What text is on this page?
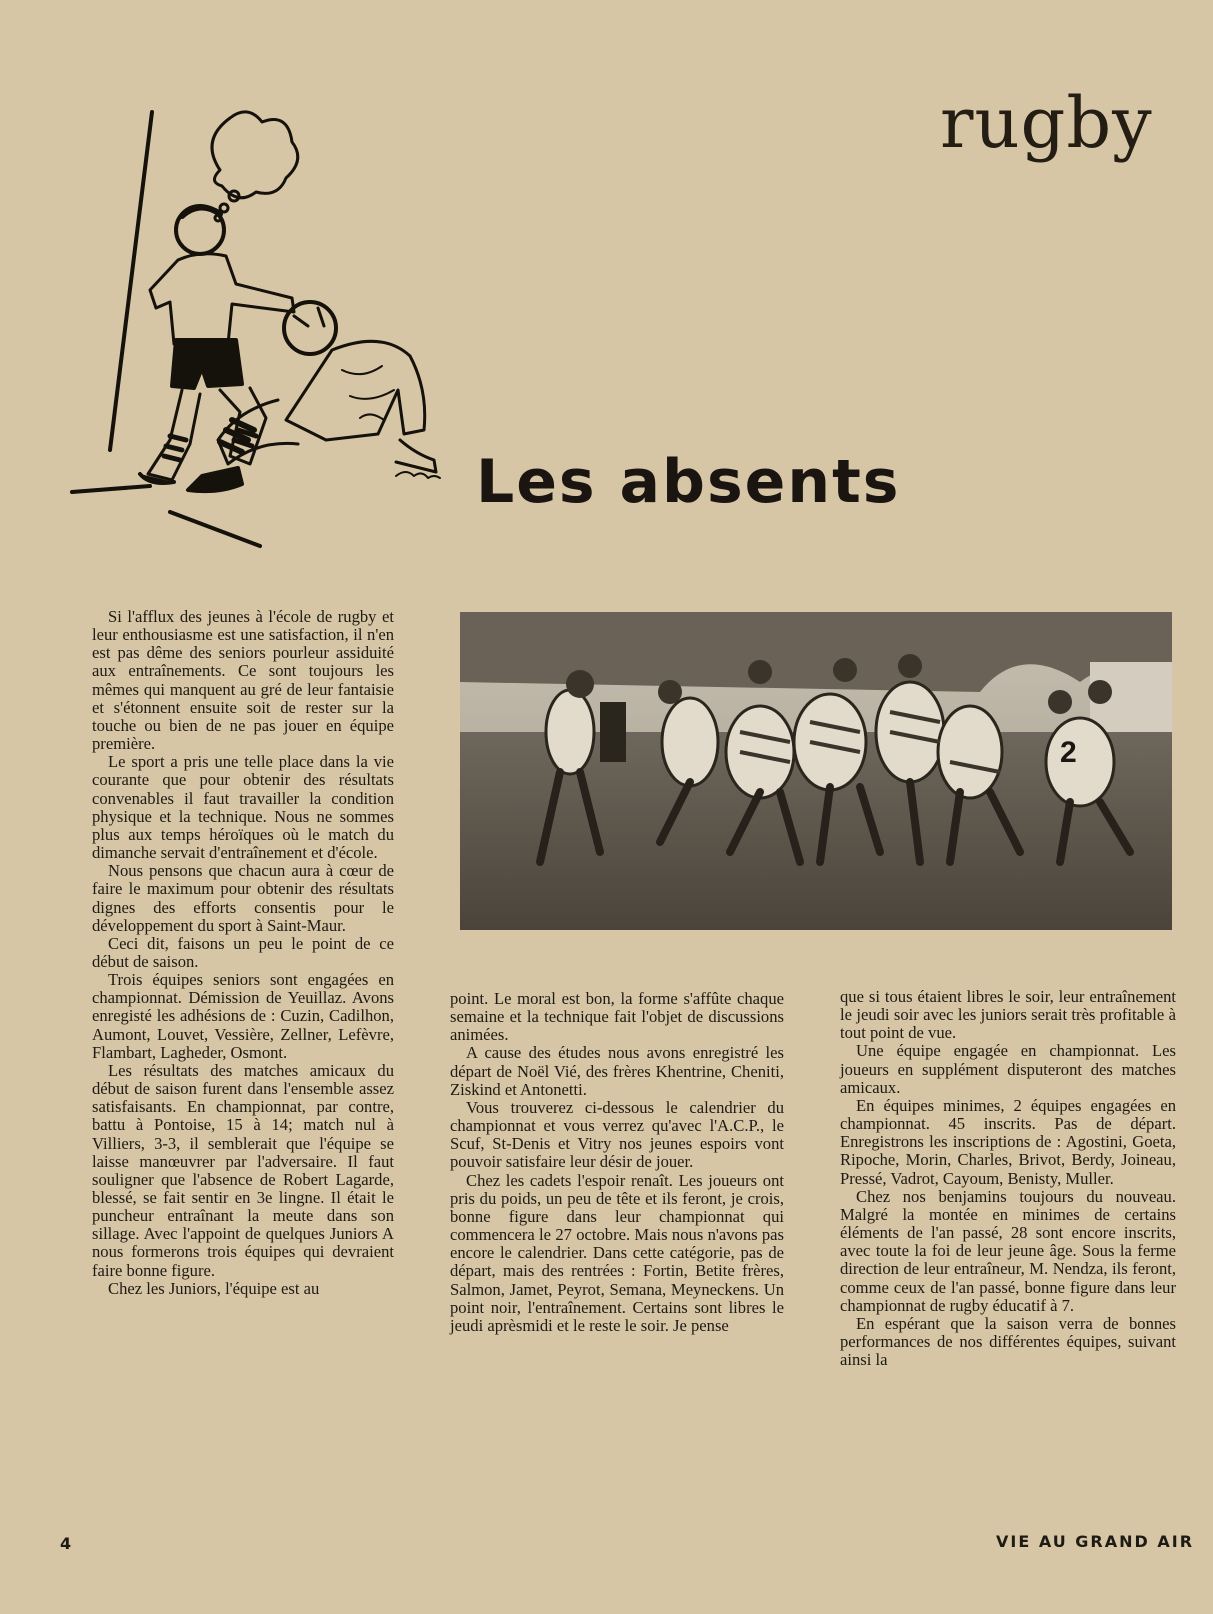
rugby
Les absents
2

Si l'afflux des jeunes à l'école de rugby et leur enthousiasme est une satisfaction, il n'en est pas dême des seniors pourleur assiduité aux entraînements. Ce sont toujours les mêmes qui manquent au gré de leur fantaisie et s'étonnent ensuite soit de rester sur la touche ou bien de ne pas jouer en équipe première.

Le sport a pris une telle place dans la vie courante que pour obtenir des résultats convenables il faut travailler la condition physique et la technique. Nous ne sommes plus aux temps héroïques où le match du dimanche servait d'entraînement et d'école.

Nous pensons que chacun aura à cœur de faire le maximum pour obtenir des résultats dignes des efforts consentis pour le développement du sport à Saint-Maur.

Ceci dit, faisons un peu le point de ce début de saison.

Trois équipes seniors sont engagées en championnat. Démission de Yeuillaz. Avons enregisté les adhésions de : Cuzin, Cadilhon, Aumont, Louvet, Vessière, Zellner, Lefèvre, Flambart, Lagheder, Osmont.

Les résultats des matches amicaux du début de saison furent dans l'ensemble assez satisfaisants. En championnat, par contre, battu à Pontoise, 15 à 14; match nul à Villiers, 3-3, il semblerait que l'équipe se laisse manœuvrer par l'adversaire. Il faut souligner que l'absence de Robert Lagarde, blessé, se fait sentir en 3e lingne. Il était le puncheur entraînant la meute dans son sillage. Avec l'appoint de quelques Juniors A nous formerons trois équipes qui devraient faire bonne figure.

Chez les Juniors, l'équipe est au

point. Le moral est bon, la forme s'affûte chaque semaine et la technique fait l'objet de discussions animées.

A cause des études nous avons enregistré les départ de Noël Vié, des frères Khentrine, Cheniti, Ziskind et Antonetti.

Vous trouverez ci-dessous le calendrier du championnat et vous verrez qu'avec l'A.C.P., le Scuf, St-Denis et Vitry nos jeunes espoirs vont pouvoir satisfaire leur désir de jouer.

Chez les cadets l'espoir renaît. Les joueurs ont pris du poids, un peu de tête et ils feront, je crois, bonne figure dans leur championnat qui commencera le 27 octobre. Mais nous n'avons pas encore le calendrier. Dans cette catégorie, pas de départ, mais des rentrées : Fortin, Betite frères, Salmon, Jamet, Peyrot, Semana, Meyneckens. Un point noir, l'entraînement. Certains sont libres le jeudi aprèsmidi et le reste le soir. Je pense

que si tous étaient libres le soir, leur entraînement le jeudi soir avec les juniors serait très profitable à tout point de vue.

Une équipe engagée en championnat. Les joueurs en supplément disputeront des matches amicaux.

En équipes minimes, 2 équipes engagées en championnat. 45 inscrits. Pas de départ. Enregistrons les inscriptions de : Agostini, Goeta, Ripoche, Morin, Charles, Brivot, Berdy, Joineau, Pressé, Vadrot, Cayoum, Benisty, Muller.

Chez nos benjamins toujours du nouveau. Malgré la montée en minimes de certains éléments de l'an passé, 28 sont encore inscrits, avec toute la foi de leur jeune âge. Sous la ferme direction de leur entraîneur, M. Nendza, ils feront, comme ceux de l'an passé, bonne figure dans leur championnat de rugby éducatif à 7.

En espérant que la saison verra de bonnes performances de nos différentes équipes, suivant ainsi la

4	VIE AU GRAND AIR
